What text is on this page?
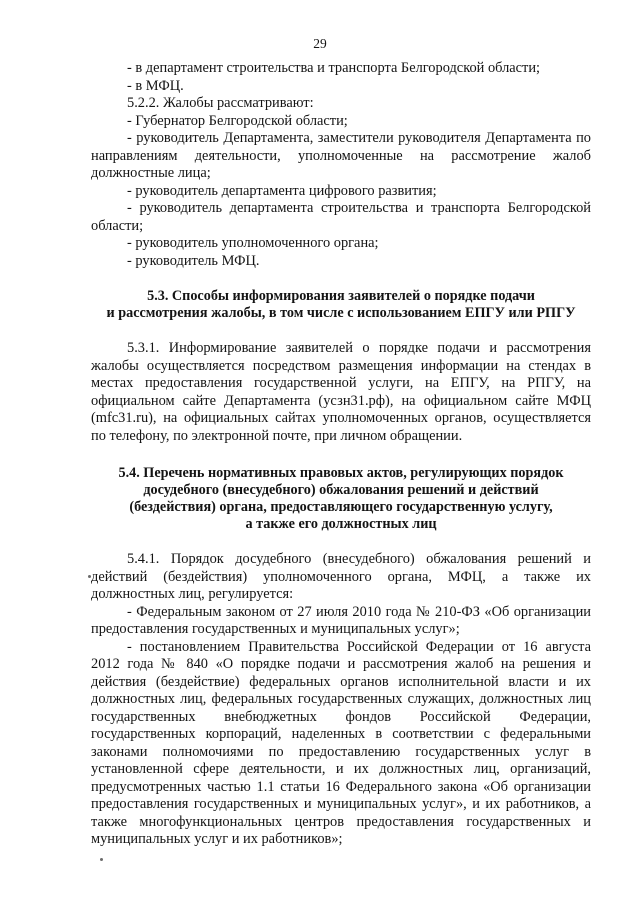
29

- в департамент строительства и транспорта Белгородской области;

- в МФЦ.

5.2.2. Жалобы рассматривают:

- Губернатор Белгородской области;

- руководитель Департамента, заместители руководителя Департамента по направлениям деятельности, уполномоченные на рассмотрение жалоб должностные лица;

- руководитель департамента цифрового развития;

- руководитель департамента строительства и транспорта Белгородской области;

- руководитель уполномоченного органа;

- руководитель МФЦ.

5.3. Способы информирования заявителей о порядке подачи
и рассмотрения жалобы, в том числе с использованием ЕПГУ или РПГУ

5.3.1. Информирование заявителей о порядке подачи и рассмотрения жалобы осуществляется посредством размещения информации на стендах в местах предоставления государственной услуги, на ЕПГУ, на РПГУ, на официальном сайте Департамента (усзн31.рф), на официальном сайте МФЦ (mfc31.ru), на официальных сайтах уполномоченных органов, осуществляется по телефону, по электронной почте, при личном обращении.

5.4. Перечень нормативных правовых актов, регулирующих порядок
досудебного (внесудебного) обжалования решений и действий
(бездействия) органа, предоставляющего государственную услугу,
а также его должностных лиц

5.4.1. Порядок досудебного (внесудебного) обжалования решений и действий (бездействия) уполномоченного органа, МФЦ, а также их должностных лиц, регулируется:

- Федеральным законом от 27 июля 2010 года № 210-ФЗ «Об организации предоставления государственных и муниципальных услуг»;

- постановлением Правительства Российской Федерации от 16 августа 2012 года № 840 «О порядке подачи и рассмотрения жалоб на решения и действия (бездействие) федеральных органов исполнительной власти и их должностных лиц, федеральных государственных служащих, должностных лиц государственных внебюджетных фондов Российской Федерации, государственных корпораций, наделенных в соответствии с федеральными законами полномочиями по предоставлению государственных услуг в установленной сфере деятельности, и их должностных лиц, организаций, предусмотренных частью 1.1 статьи 16 Федерального закона «Об организации предоставления государственных и муниципальных услуг», и их работников, а также многофункциональных центров предоставления государственных и муниципальных услуг и их работников»;
